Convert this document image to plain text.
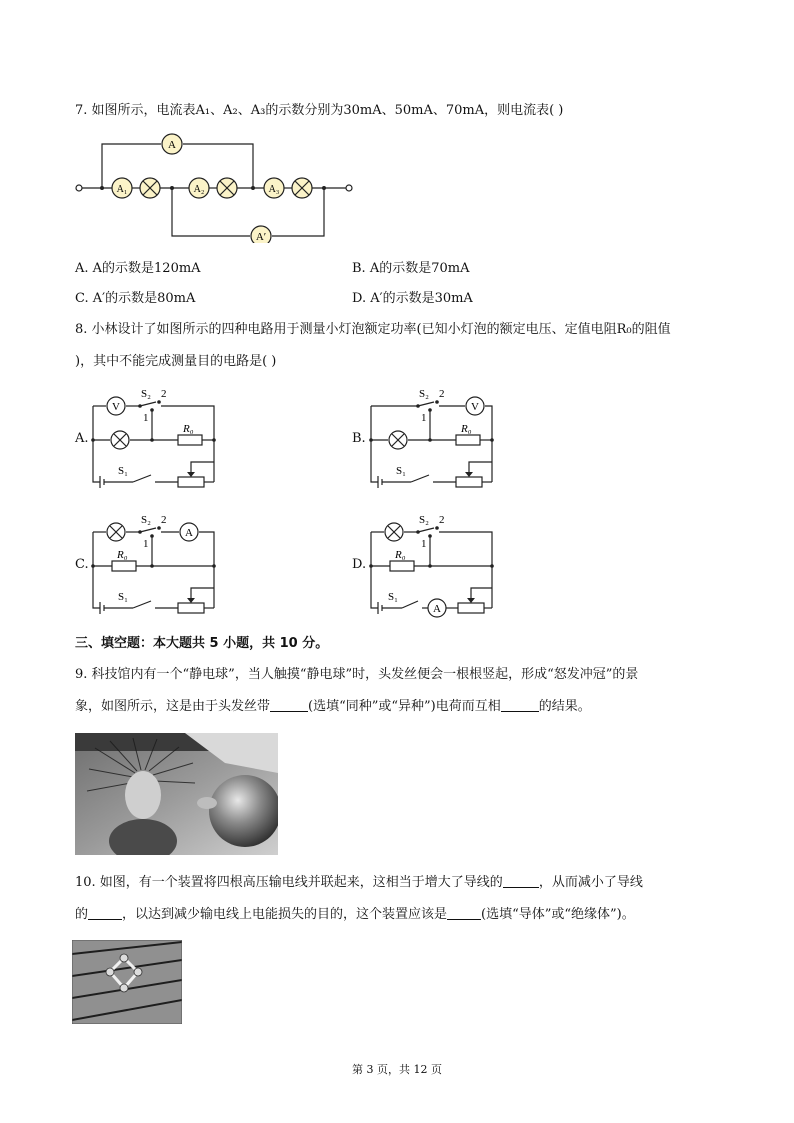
7. 如图所示，电流表A₁、A₂、A₃的示数分别为30mA、50mA、70mA，则电流表( )
A
A₁	A₂	A₃
A′
A. A的示数是120mA	B. A的示数是70mA
C. A′的示数是80mA	D. A′的示数是30mA
8. 小林设计了如图所示的四种电路用于测量小灯泡额定功率(已知小灯泡的额定电压、定值电阻R₀的阻值
)，其中不能完成测量目的电路是( )
A.
V
S₂ 2
1
R₀
S₁
B.
V
S₂ 2
1
R₀
S₁
C.
A
S₂ 2
1
R₀
S₁
D.
A
S₂ 2
1
R₀
S₁
三、填空题：本大题共 5 小题，共 10 分。
9. 科技馆内有一个“静电球”，当人触摸“静电球”时，头发丝便会一根根竖起，形成“怒发冲冠”的景
象，如图所示，这是由于头发丝带	(选填“同种”或“异种”)电荷而互相	的结果。
10. 如图，有一个装置将四根高压输电线并联起来，这相当于增大了导线的	，从而减小了导线
的	，以达到减少输电线上电能损失的目的，这个装置应该是	(选填“导体”或“绝缘体”)。
第 3 页，共 12 页
